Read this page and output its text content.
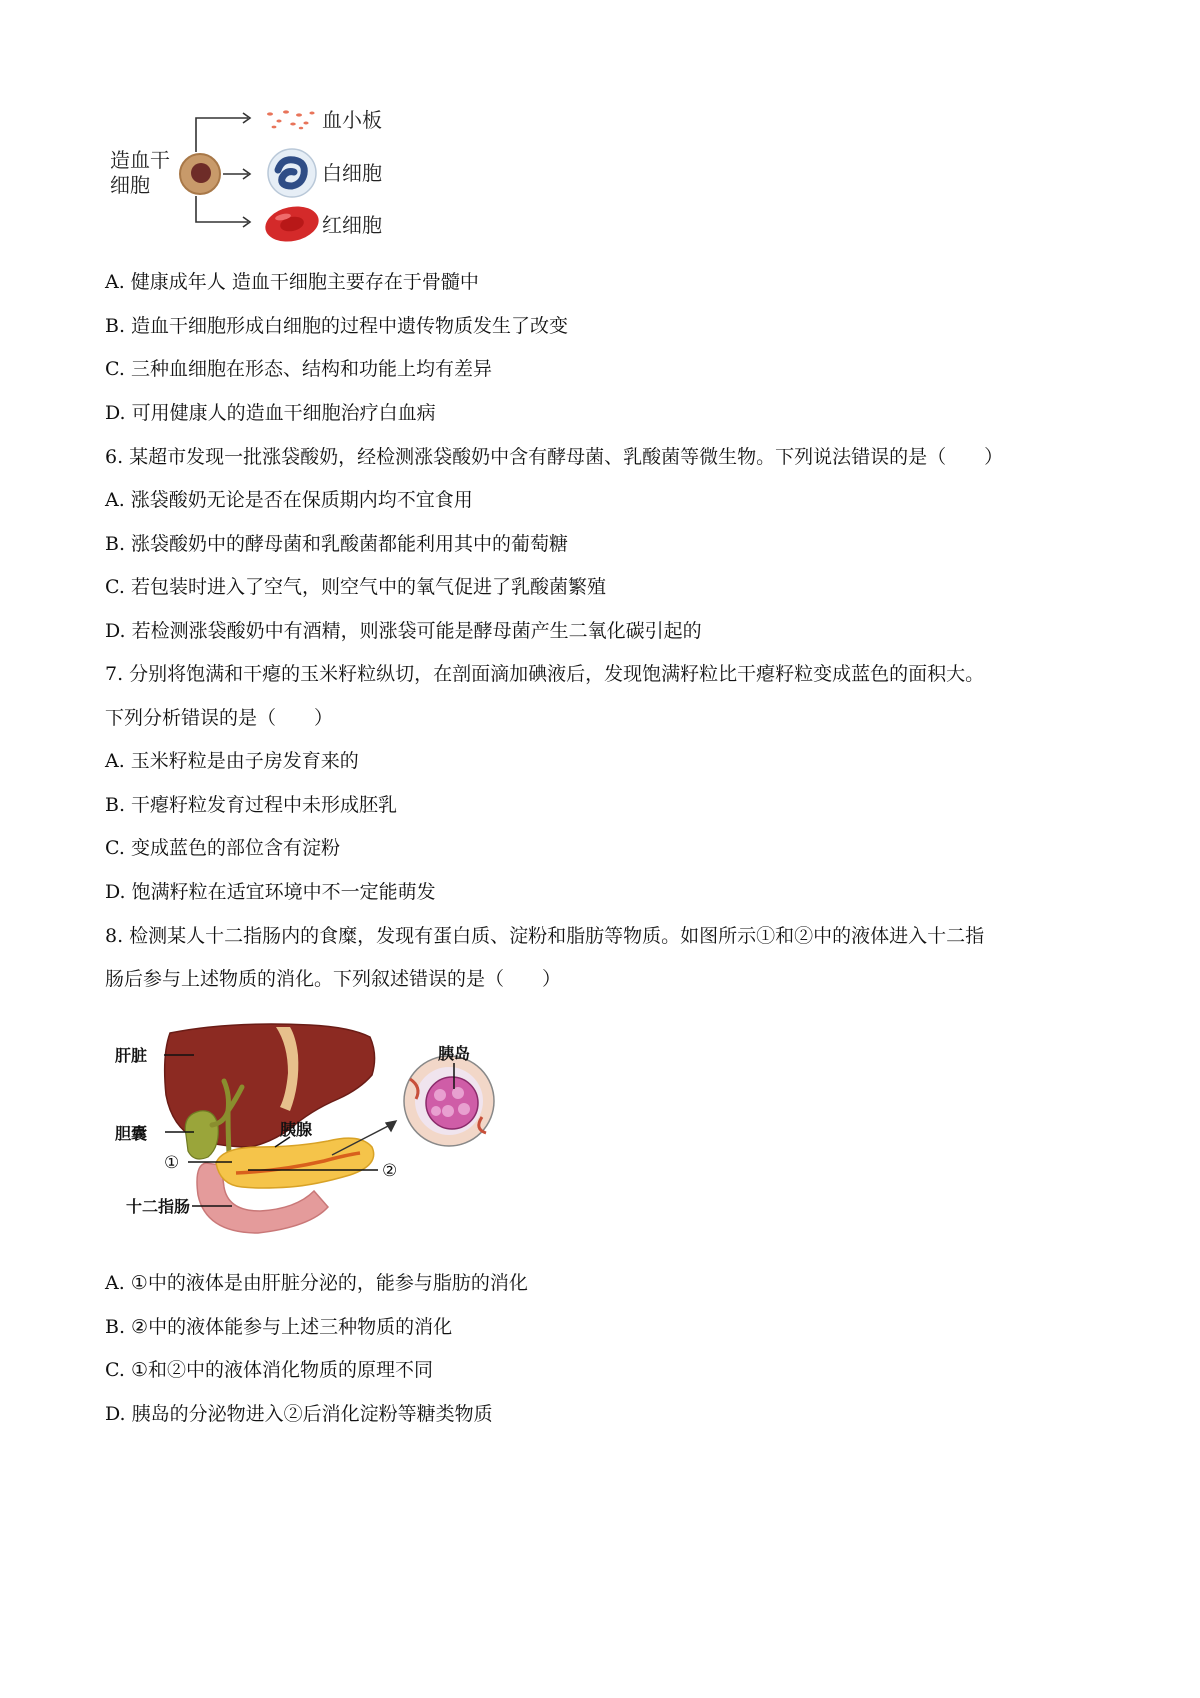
造血干
细胞
血小板
白细胞
红细胞
A. 健康成年人 造血干细胞主要存在于骨髓中
B. 造血干细胞形成白细胞的过程中遗传物质发生了改变
C. 三种血细胞在形态、结构和功能上均有差异
D. 可用健康人的造血干细胞治疗白血病
6. 某超市发现一批涨袋酸奶，经检测涨袋酸奶中含有酵母菌、乳酸菌等微生物。下列说法错误的是（　　）
A. 涨袋酸奶无论是否在保质期内均不宜食用
B. 涨袋酸奶中的酵母菌和乳酸菌都能利用其中的葡萄糖
C. 若包装时进入了空气，则空气中的氧气促进了乳酸菌繁殖
D. 若检测涨袋酸奶中有酒精，则涨袋可能是酵母菌产生二氧化碳引起的
7. 分别将饱满和干瘪的玉米籽粒纵切，在剖面滴加碘液后，发现饱满籽粒比干瘪籽粒变成蓝色的面积大。
下列分析错误的是（　　）
A. 玉米籽粒是由子房发育来的
B. 干瘪籽粒发育过程中未形成胚乳
C. 变成蓝色的部位含有淀粉
D. 饱满籽粒在适宜环境中不一定能萌发
8. 检测某人十二指肠内的食糜，发现有蛋白质、淀粉和脂肪等物质。如图所示①和②中的液体进入十二指
肠后参与上述物质的消化。下列叙述错误的是（　　）
肝脏
胆囊
①
胰腺
②
十二指肠
胰岛
A. ①中的液体是由肝脏分泌的，能参与脂肪的消化
B. ②中的液体能参与上述三种物质的消化
C. ①和②中的液体消化物质的原理不同
D. 胰岛的分泌物进入②后消化淀粉等糖类物质
